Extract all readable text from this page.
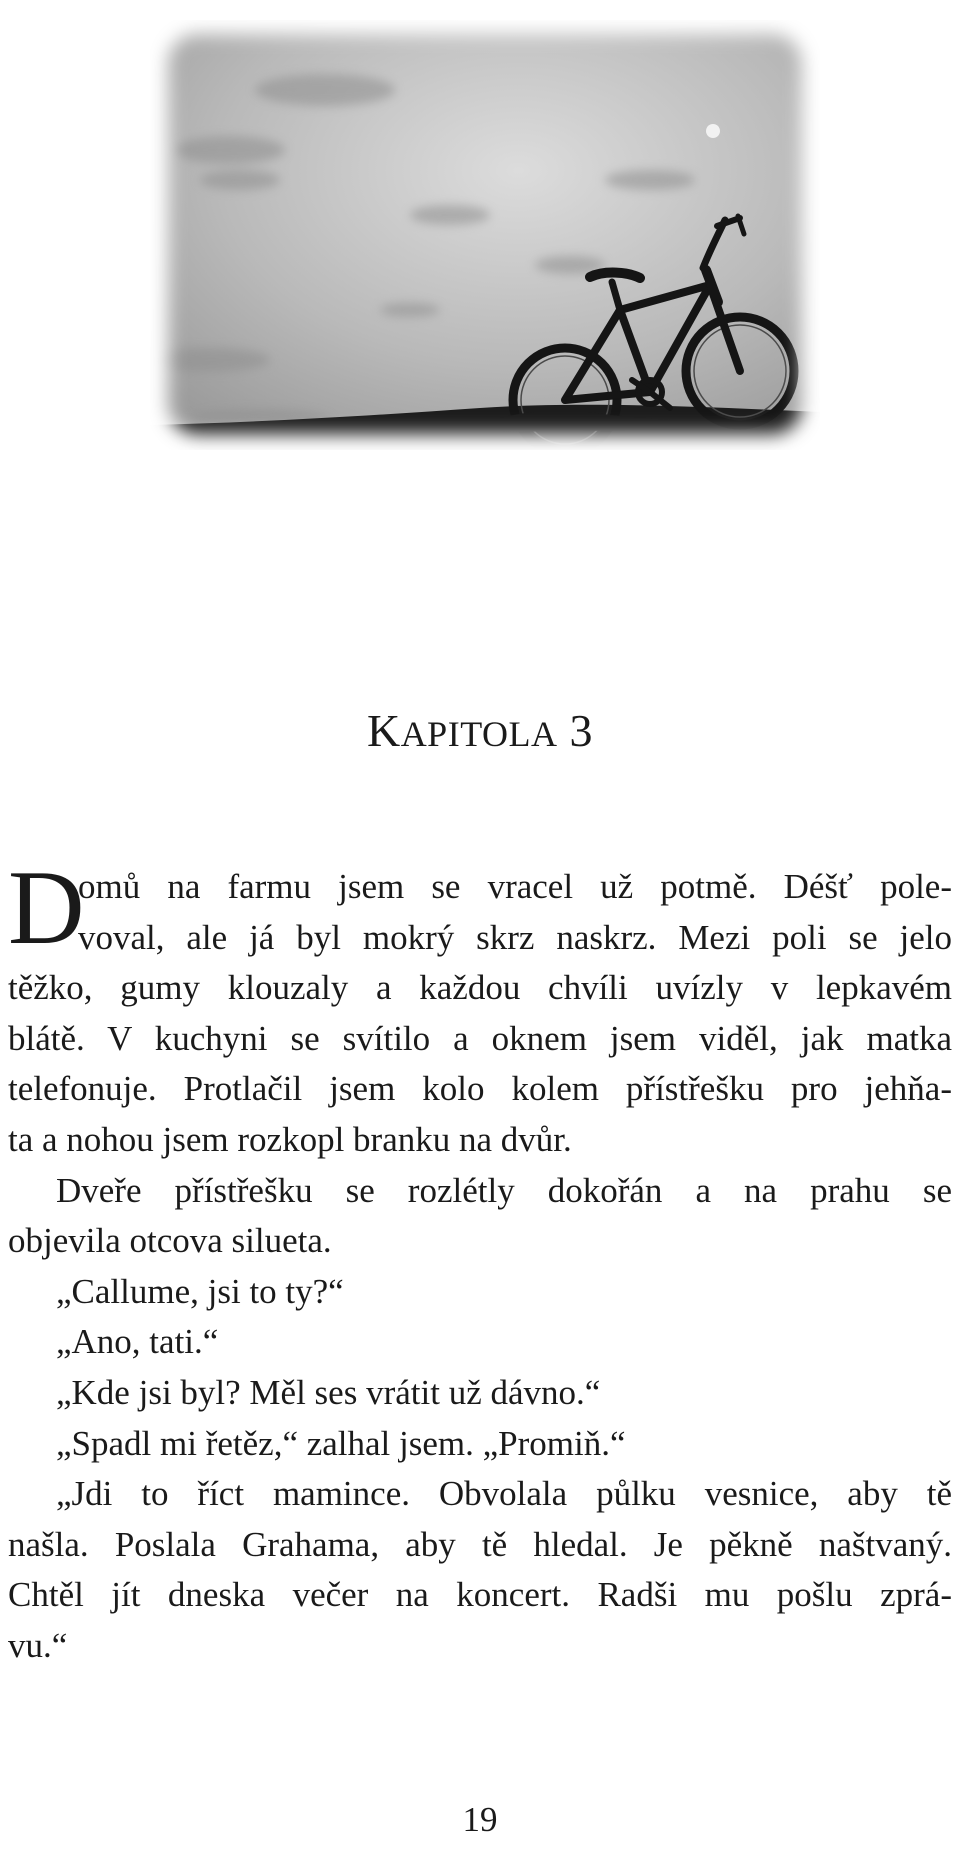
KAPITOLA 3
D
omů na farmu jsem se vracel už potmě. Déšť pole-
voval, ale já byl mokrý skrz naskrz. Mezi poli se jelo
těžko, gumy klouzaly a každou chvíli uvízly v lepkavém
blátě. V kuchyni se svítilo a oknem jsem viděl, jak matka
telefonuje. Protlačil jsem kolo kolem přístřešku pro jehňa-
ta a nohou jsem rozkopl branku na dvůr.
Dveře přístřešku se rozlétly dokořán a na prahu se
objevila otcova silueta.
„Callume, jsi to ty?“
„Ano, tati.“
„Kde jsi byl? Měl ses vrátit už dávno.“
„Spadl mi řetěz,“ zalhal jsem. „Promiň.“
„Jdi to říct mamince. Obvolala půlku vesnice, aby tě
našla. Poslala Grahama, aby tě hledal. Je pěkně naštvaný.
Chtěl jít dneska večer na koncert. Radši mu pošlu zprá-
vu.“

19
